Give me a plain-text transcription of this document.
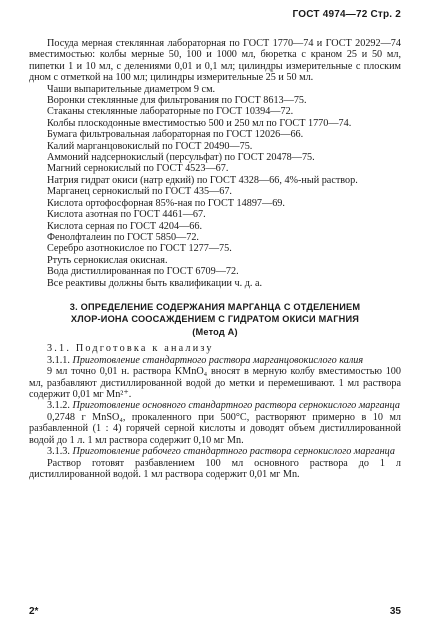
ГОСТ 4974—72 Стр. 2

Посуда мерная стеклянная лабораторная по ГОСТ 1770—74 и ГОСТ 20292—74 вместимостью: колбы мерные 50, 100 и 1000 мл, бюретка с краном 25 и 50 мл, пипетки 1 и 10 мл, с делениями 0,01 и 0,1 мл; цилиндры измерительные с плоским дном с отметкой на 100 мл; цилиндры измерительные 25 и 50 мл.

Чаши выпарительные диаметром 9 см.

Воронки стеклянные для фильтрования по ГОСТ 8613—75.

Стаканы стеклянные лабораторные по ГОСТ 10394—72.

Колбы плоскодонные вместимостью 500 и 250 мл по ГОСТ 1770—74.

Бумага фильтровальная лабораторная по ГОСТ 12026—66.

Калий марганцовокислый по ГОСТ 20490—75.

Аммоний надсернокислый (персульфат) по ГОСТ 20478—75.

Магний сернокислый по ГОСТ 4523—67.

Натрия гидрат окиси (натр едкий) по ГОСТ 4328—66, 4%-ный раствор.

Марганец сернокислый по ГОСТ 435—67.

Кислота ортофосфорная 85%-ная по ГОСТ 14897—69.

Кислота азотная по ГОСТ 4461—67.

Кислота серная по ГОСТ 4204—66.

Фенолфталеин по ГОСТ 5850—72.

Серебро азотнокислое по ГОСТ 1277—75.

Ртуть сернокислая окисная.

Вода дистиллированная по ГОСТ 6709—72.

Все реактивы должны быть квалификации ч. д. а.

3. ОПРЕДЕЛЕНИЕ СОДЕРЖАНИЯ МАРГАНЦА С ОТДЕЛЕНИЕМ

ХЛОР-ИОНА СООСАЖДЕНИЕМ С ГИДРАТОМ ОКИСИ МАГНИЯ

(Метод А)

3.1. Подготовка к анализу

3.1.1. Приготовление стандартного раствора марганцовокислого калия

9 мл точно 0,01 н. раствора KMnO₄ вносят в мерную колбу вместимостью 100 мл, разбавляют дистиллированной водой до метки и перемешивают. 1 мл раствора содержит 0,01 мг Mn²⁺.

3.1.2. Приготовление основного стандартного раствора сернокислого марганца

0,2748 г MnSO₄, прокаленного при 500°C, растворяют примерно в 10 мл разбавленной (1 : 4) горячей серной кислоты и доводят объем дистиллированной водой до 1 л. 1 мл раствора содержит 0,10 мг Mn.

3.1.3. Приготовление рабочего стандартного раствора сернокислого марганца

Раствор готовят разбавлением 100 мл основного раствора до 1 л дистиллированной водой. 1 мл раствора содержит 0,01 мг Mn.

2*	35
